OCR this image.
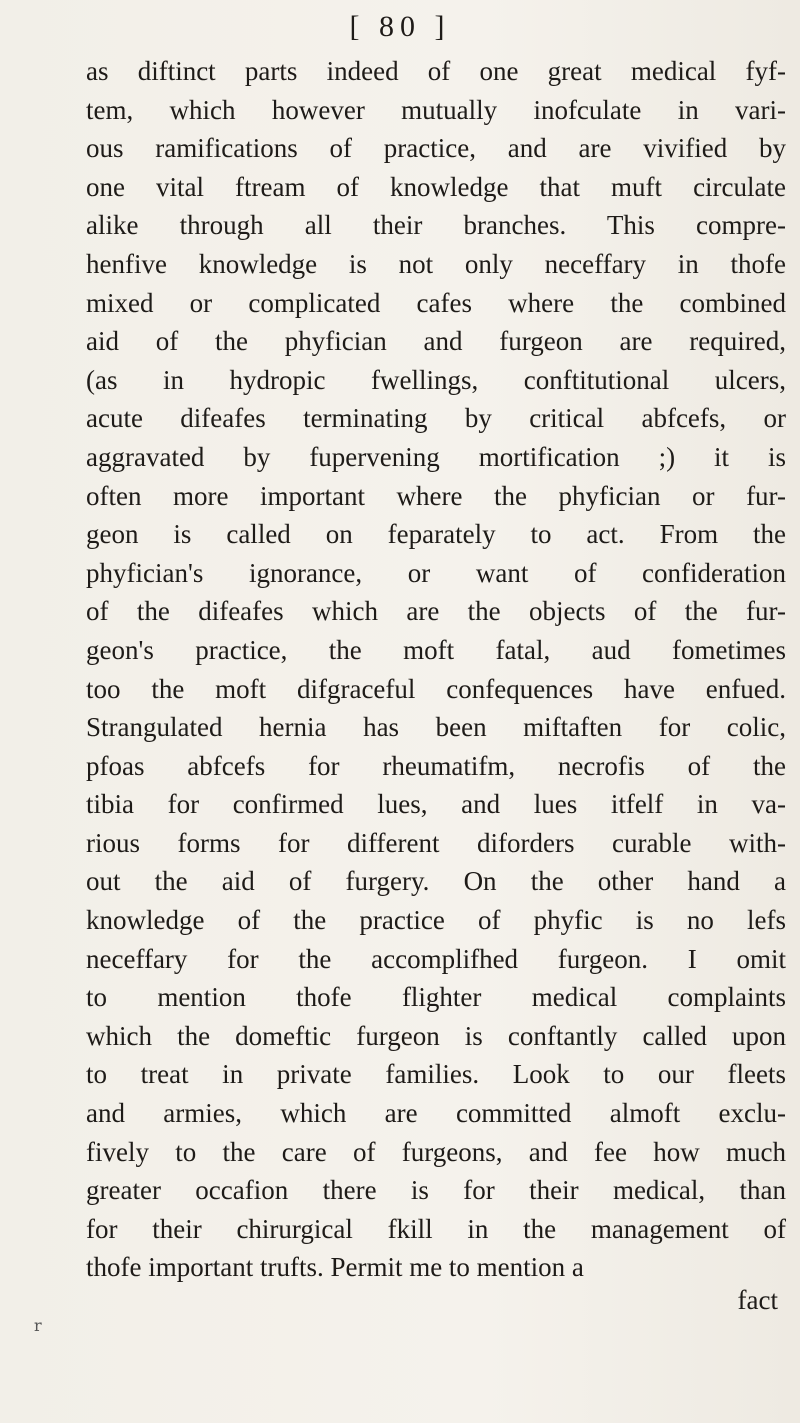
[ 80 ]
as diftinct parts indeed of one great medical fyf-
tem, which however mutually inofculate in vari-
ous ramifications of practice, and are vivified by
one vital ftream of knowledge that muft circulate
alike through all their branches. This compre-
henfive knowledge is not only neceffary in thofe
mixed or complicated cafes where the combined
aid of the phyfician and furgeon are required,
(as in hydropic fwellings, conftitutional ulcers,
acute difeafes terminating by critical abfcefs, or
aggravated by fupervening mortification ;) it is
often more important where the phyfician or fur-
geon is called on feparately to act. From the
phyfician's ignorance, or want of confideration
of the difeafes which are the objects of the fur-
geon's practice, the moft fatal, aud fometimes
too the moft difgraceful confequences have enfued.
Strangulated hernia has been miftaften for colic,
pfoas abfcefs for rheumatifm, necrofis of the
tibia for confirmed lues, and lues itfelf in va-
rious forms for different diforders curable with-
out the aid of furgery. On the other hand a
knowledge of the practice of phyfic is no lefs
neceffary for the accomplifhed furgeon. I omit
to mention thofe flighter medical complaints
which the domeftic furgeon is conftantly called upon
to treat in private families. Look to our fleets
and armies, which are committed almoft exclu-
fively to the care of furgeons, and fee how much
greater occafion there is for their medical, than
for their chirurgical fkill in the management of
thofe important trufts. Permit me to mention a
fact
r
